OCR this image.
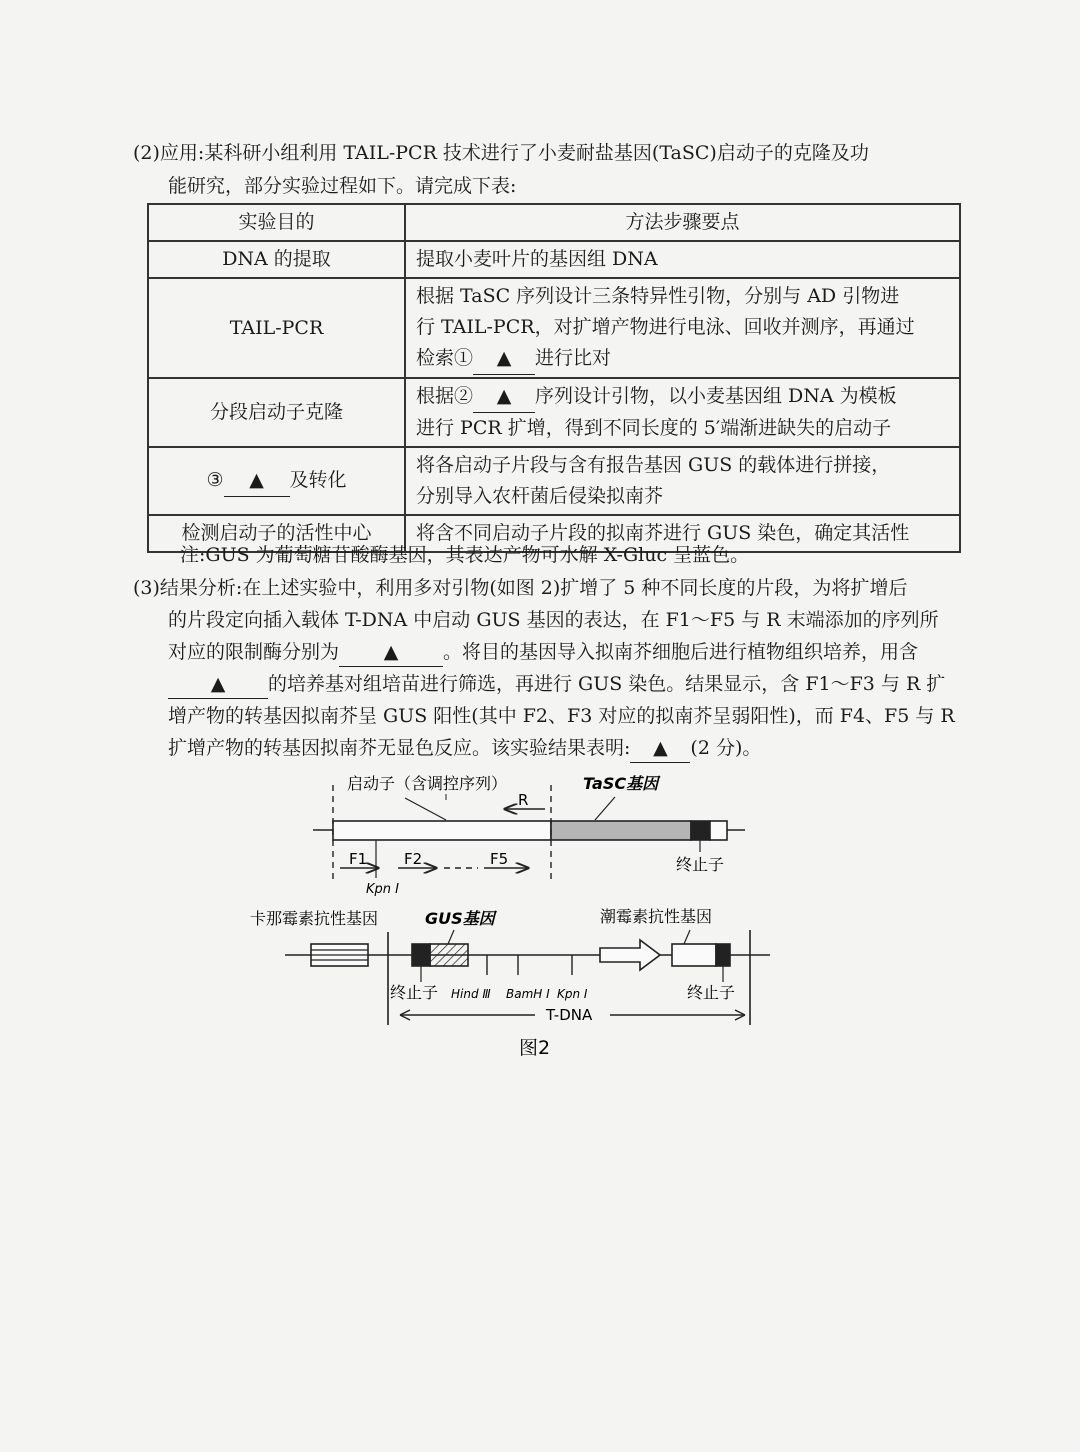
(2)应用:某科研小组利用 TAIL-PCR 技术进行了小麦耐盐基因(TaSC)启动子的克隆及功
能研究，部分实验过程如下。请完成下表:
实验目的	方法步骤要点
DNA 的提取	提取小麦叶片的基因组 DNA
TAIL-PCR	根据 TaSC 序列设计三条特异性引物，分别与 AD 引物进
行 TAIL-PCR，对扩增产物进行电泳、回收并测序，再通过
检索① ▲ 进行比对

分段启动子克隆	根据② ▲ 序列设计引物，以小麦基因组 DNA 为模板
进行 PCR 扩增，得到不同长度的 5′端渐进缺失的启动子

③ ▲ 及转化	将各启动子片段与含有报告基因 GUS 的载体进行拼接，
分别导入农杆菌后侵染拟南芥

检测启动子的活性中心	将含不同启动子片段的拟南芥进行 GUS 染色，确定其活性
注:GUS 为葡萄糖苷酸酶基因，其表达产物可水解 X-Gluc 呈蓝色。
(3)结果分析:在上述实验中，利用多对引物(如图 2)扩增了 5 种不同长度的片段，为将扩增后
的片段定向插入载体 T-DNA 中启动 GUS 基因的表达，在 F1～F5 与 R 末端添加的序列所
对应的限制酶分别为 ▲ 。将目的基因导入拟南芥细胞后进行植物组织培养，用含
▲ 的培养基对组培苗进行筛选，再进行 GUS 染色。结果显示，含 F1～F3 与 R 扩
增产物的转基因拟南芥呈 GUS 阳性(其中 F2、F3 对应的拟南芥呈弱阳性)，而 F4、F5 与 R
扩增产物的转基因拟南芥无显色反应。该实验结果表明: ▲ (2 分)。
启动子（含调控序列）	TaSC基因
R
F1
Kpn I
F2	F5	终止子
卡那霉素抗性基因	GUS基因	潮霉素抗性基因
终止子 Hind Ⅲ BamH I Kpn I	终止子
T-DNA
图2
